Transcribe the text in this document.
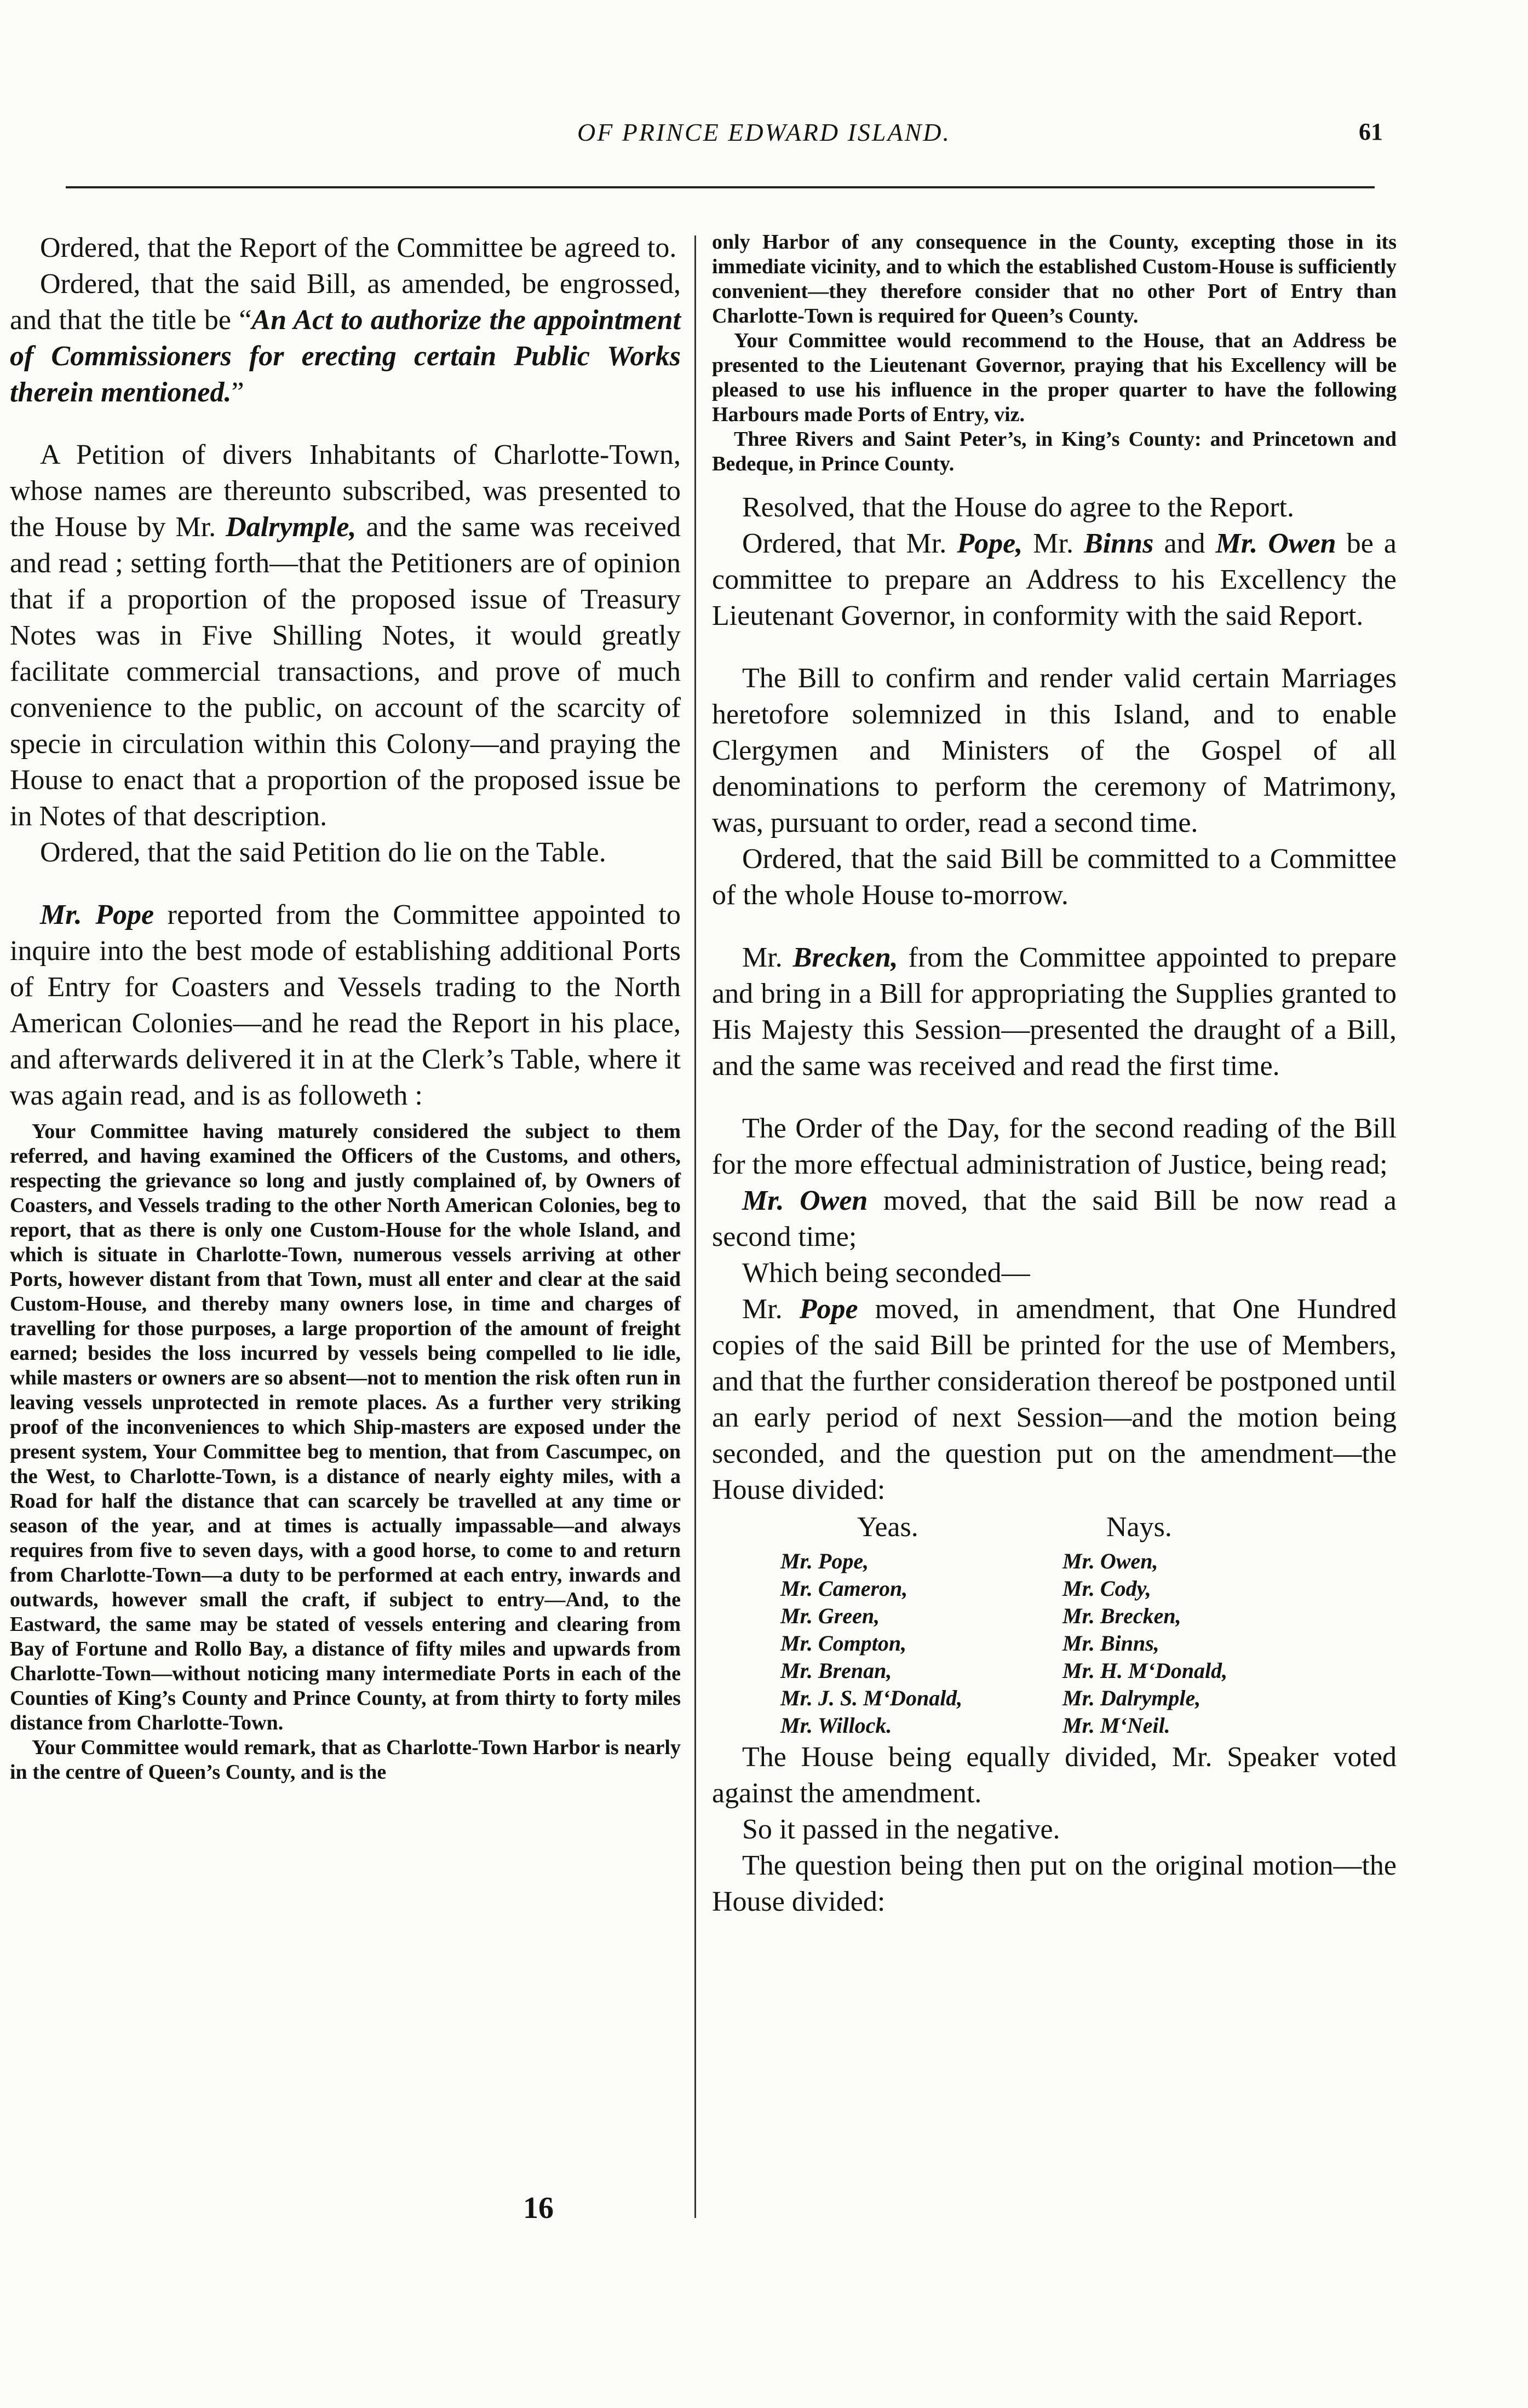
OF PRINCE EDWARD ISLAND.	61

Ordered, that the Report of the Committee be agreed to.

Ordered, that the said Bill, as amended, be engrossed, and that the title be “An Act to authorize the appointment of Commissioners for erecting certain Public Works therein mentioned.”

A Petition of divers Inhabitants of Charlotte-Town, whose names are thereunto subscribed, was presented to the House by Mr. Dalrymple, and the same was received and read ; setting forth—that the Petitioners are of opinion that if a proportion of the proposed issue of Treasury Notes was in Five Shilling Notes, it would greatly facilitate commercial transactions, and prove of much convenience to the public, on account of the scarcity of specie in circulation within this Colony—and praying the House to enact that a proportion of the proposed issue be in Notes of that description.

Ordered, that the said Petition do lie on the Table.

Mr. Pope reported from the Committee appointed to inquire into the best mode of establishing additional Ports of Entry for Coasters and Vessels trading to the North American Colonies—and he read the Report in his place, and afterwards delivered it in at the Clerk’s Table, where it was again read, and is as followeth :

Your Committee having maturely considered the subject to them referred, and having examined the Officers of the Customs, and others, respecting the grievance so long and justly complained of, by Owners of Coasters, and Vessels trading to the other North American Colonies, beg to report, that as there is only one Custom-House for the whole Island, and which is situate in Charlotte-Town, numerous vessels arriving at other Ports, however distant from that Town, must all enter and clear at the said Custom-House, and thereby many owners lose, in time and charges of travelling for those purposes, a large proportion of the amount of freight earned; besides the loss incurred by vessels being compelled to lie idle, while masters or owners are so absent—not to mention the risk often run in leaving vessels unprotected in remote places. As a further very striking proof of the inconveniences to which Ship-masters are exposed under the present system, Your Committee beg to mention, that from Cascumpec, on the West, to Charlotte-Town, is a distance of nearly eighty miles, with a Road for half the distance that can scarcely be travelled at any time or season of the year, and at times is actually impassable—and always requires from five to seven days, with a good horse, to come to and return from Charlotte-Town—a duty to be performed at each entry, inwards and outwards, however small the craft, if subject to entry—And, to the Eastward, the same may be stated of vessels entering and clearing from Bay of Fortune and Rollo Bay, a distance of fifty miles and upwards from Charlotte-Town—without noticing many intermediate Ports in each of the Counties of King’s County and Prince County, at from thirty to forty miles distance from Charlotte-Town.

Your Committee would remark, that as Charlotte-Town Harbor is nearly in the centre of Queen’s County, and is the

only Harbor of any consequence in the County, excepting those in its immediate vicinity, and to which the established Custom-House is sufficiently convenient—they therefore consider that no other Port of Entry than Charlotte-Town is required for Queen’s County.

Your Committee would recommend to the House, that an Address be presented to the Lieutenant Governor, praying that his Excellency will be pleased to use his influence in the proper quarter to have the following Harbours made Ports of Entry, viz.

Three Rivers and Saint Peter’s, in King’s County: and Princetown and Bedeque, in Prince County.

Resolved, that the House do agree to the Report.

Ordered, that Mr. Pope, Mr. Binns and Mr. Owen be a committee to prepare an Address to his Excellency the Lieutenant Governor, in conformity with the said Report.

The Bill to confirm and render valid certain Marriages heretofore solemnized in this Island, and to enable Clergymen and Ministers of the Gospel of all denominations to perform the ceremony of Matrimony, was, pursuant to order, read a second time.

Ordered, that the said Bill be committed to a Committee of the whole House to-morrow.

Mr. Brecken, from the Committee appointed to prepare and bring in a Bill for appropriating the Supplies granted to His Majesty this Session—presented the draught of a Bill, and the same was received and read the first time.

The Order of the Day, for the second reading of the Bill for the more effectual administration of Justice, being read;

Mr. Owen moved, that the said Bill be now read a second time;

Which being seconded—

Mr. Pope moved, in amendment, that One Hundred copies of the said Bill be printed for the use of Members, and that the further consideration thereof be postponed until an early period of next Session—and the motion being seconded, and the question put on the amendment—the House divided:

Yeas.
Mr. Pope,
Mr. Cameron,
Mr. Green,
Mr. Compton,
Mr. Brenan,
Mr. J. S. M‘Donald,
Mr. Willock.
Nays.
Mr. Owen,
Mr. Cody,
Mr. Brecken,
Mr. Binns,
Mr. H. M‘Donald,
Mr. Dalrymple,
Mr. M‘Neil.

The House being equally divided, Mr. Speaker voted against the amendment.

So it passed in the negative.

The question being then put on the original motion—the House divided:

16
